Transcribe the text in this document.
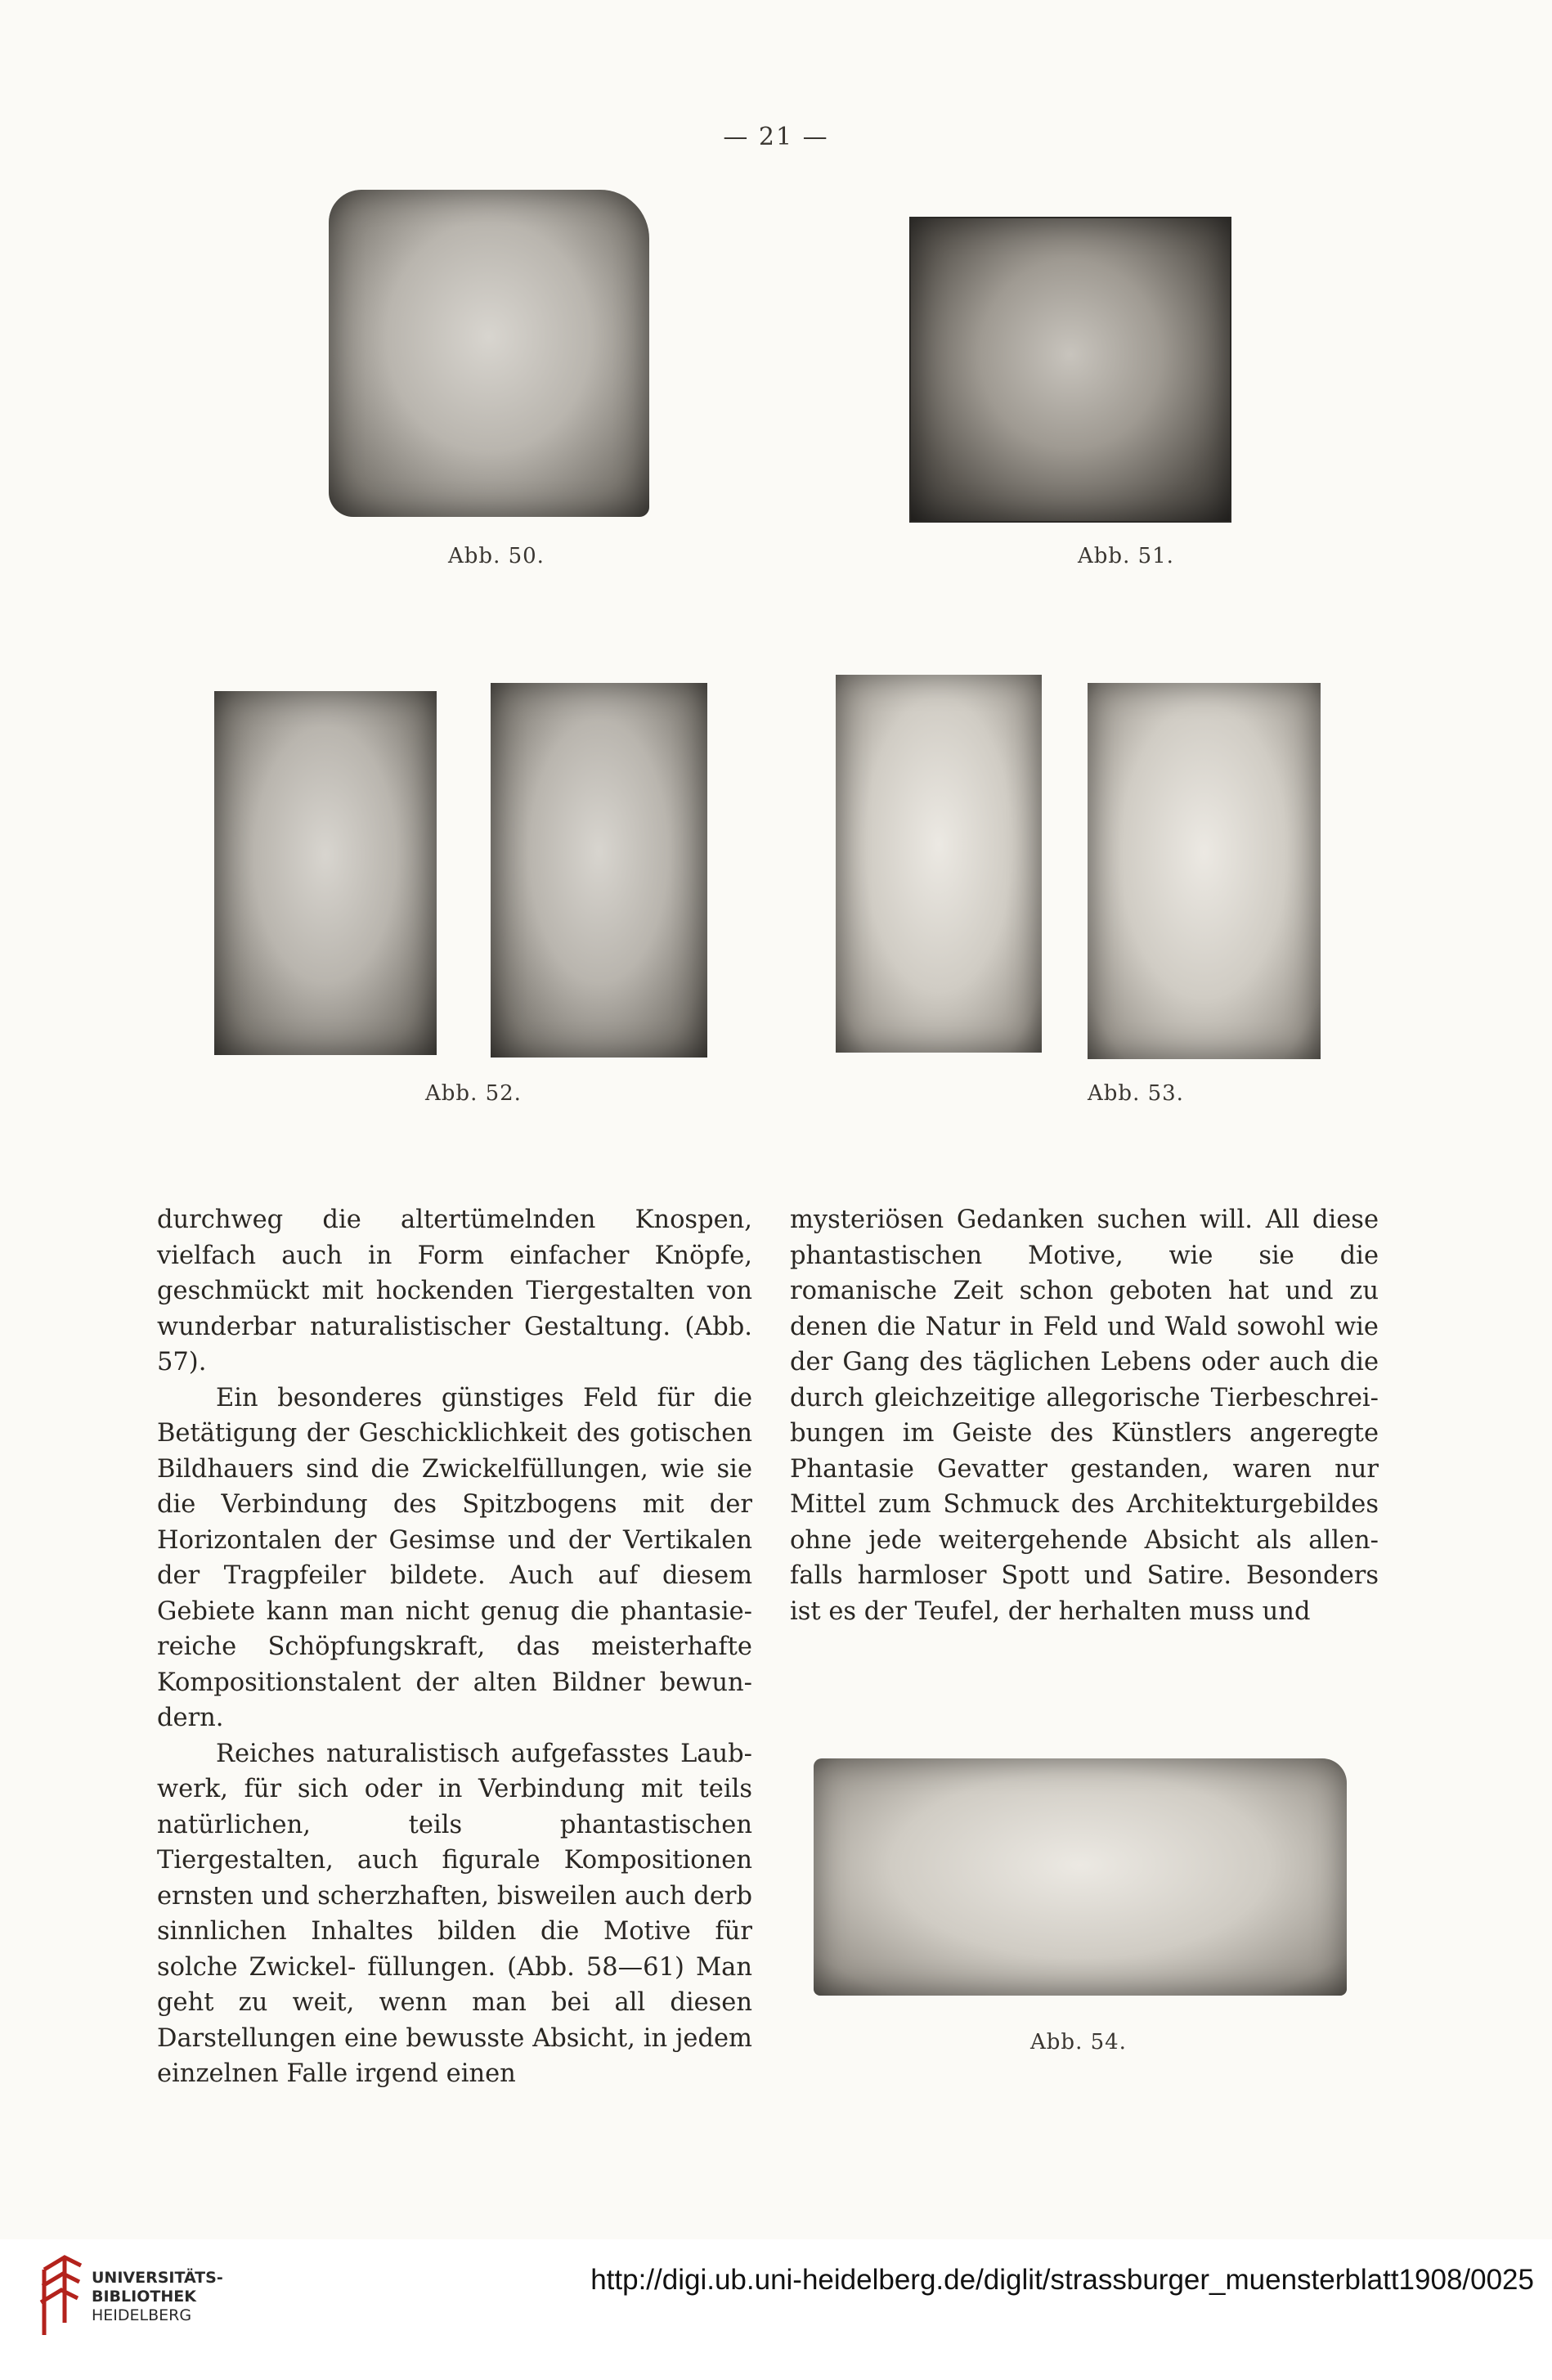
— 21 —
Abb. 50.	Abb. 51.
Abb. 52.	Abb. 53.

durchweg die altertümelnden Knospen, vielfach auch in Form einfacher Knöpfe, geschmückt mit hockenden Tiergestalten von wunderbar naturalistischer Gestaltung. (Abb. 57).

Ein besonderes günstiges Feld für die Betätigung der Geschicklichkeit des gotischen Bildhauers sind die Zwickelfüllungen, wie sie die Verbindung des Spitzbogens mit der Horizontalen der Gesimse und der Vertikalen der Tragpfeiler bildete. Auch auf diesem Gebiete kann man nicht genug die phantasie- reiche Schöpfungskraft, das meisterhafte Kompositionstalent der alten Bildner bewun- dern.

Reiches naturalistisch aufgefasstes Laub- werk, für sich oder in Verbindung mit teils natürlichen, teils phantastischen Tiergestalten, auch figurale Kompositionen ernsten und scherzhaften, bisweilen auch derb sinnlichen Inhaltes bilden die Motive für solche Zwickel- füllungen. (Abb. 58—61) Man geht zu weit, wenn man bei all diesen Darstellungen eine bewusste Absicht, in jedem einzelnen Falle irgend einen

mysteriösen Gedanken suchen will. All diese phantastischen Motive, wie sie die romanische Zeit schon geboten hat und zu denen die Natur in Feld und Wald sowohl wie der Gang des täglichen Lebens oder auch die durch gleichzeitige allegorische Tierbeschrei- bungen im Geiste des Künstlers angeregte Phantasie Gevatter gestanden, waren nur Mittel zum Schmuck des Architekturgebildes ohne jede weitergehende Absicht als allen- falls harmloser Spott und Satire. Besonders ist es der Teufel, der herhalten muss und

Abb. 54.
UNIVERSITÄTS-
BIBLIOTHEK
HEIDELBERG
http://digi.ub.uni-heidelberg.de/diglit/strassburger_muensterblatt1908/0025
